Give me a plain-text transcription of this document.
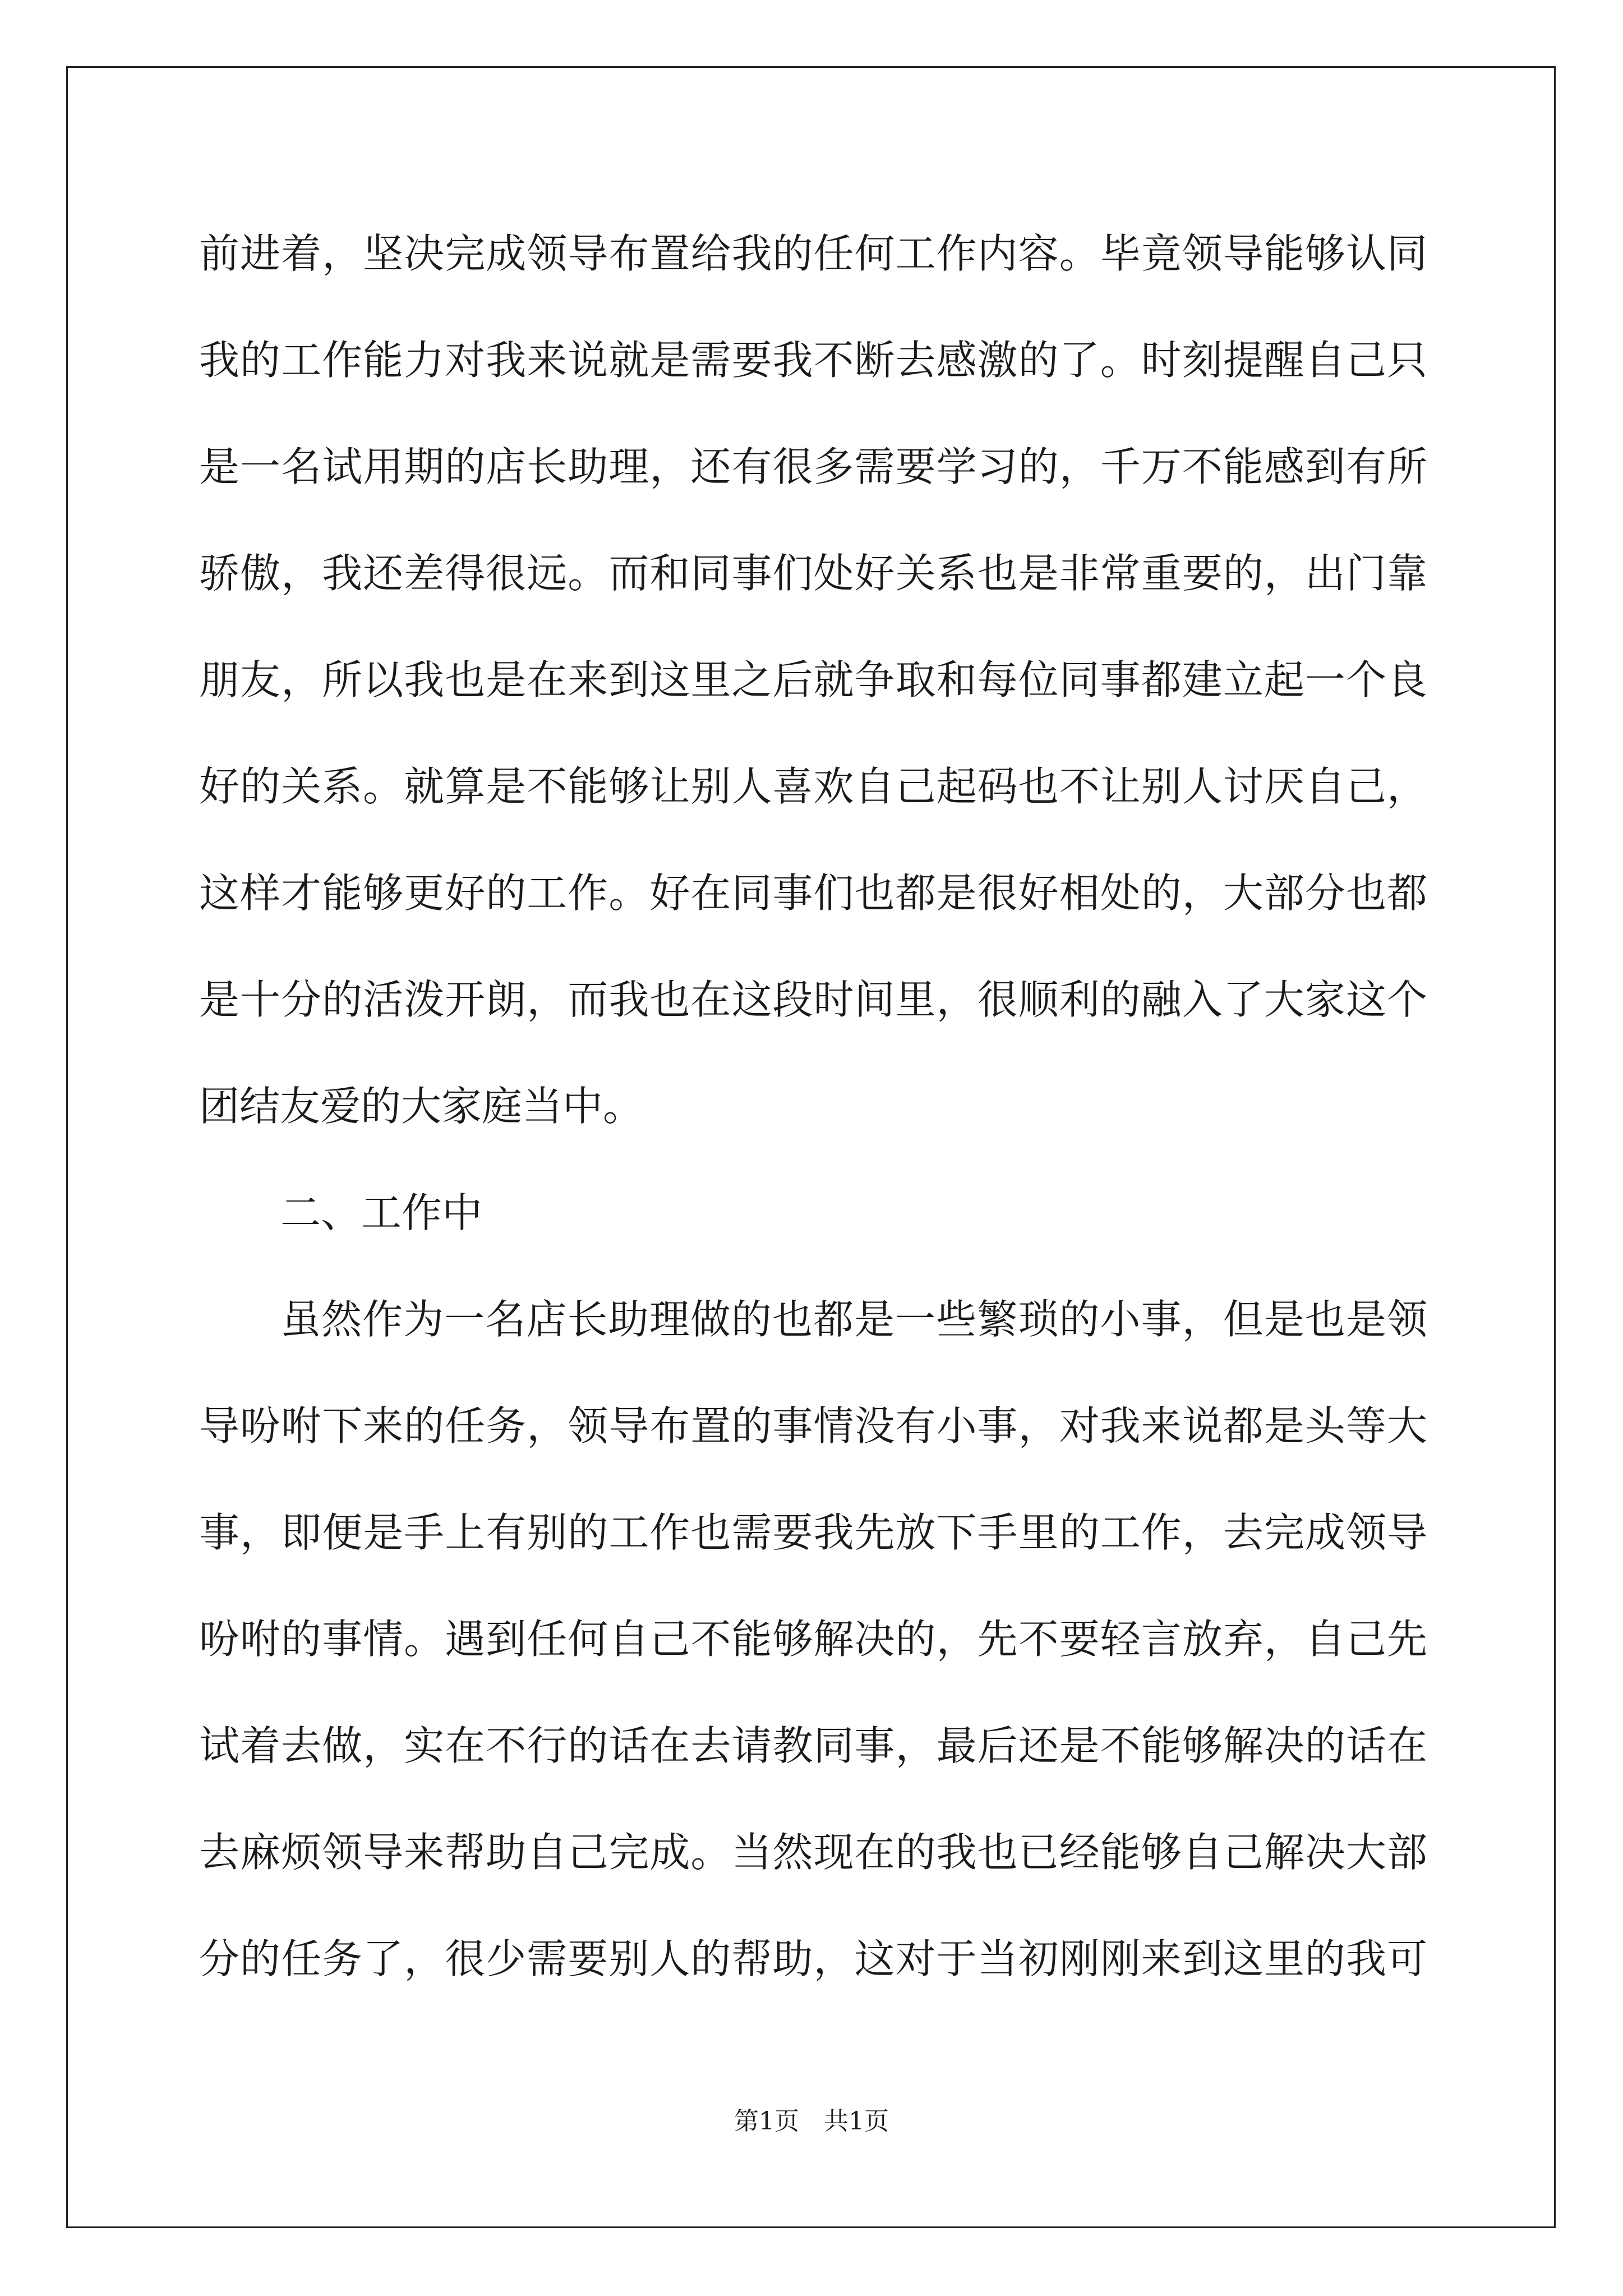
前进着，坚决完成领导布置给我的任何工作内容。毕竟领导能够认同
我的工作能力对我来说就是需要我不断去感激的了。时刻提醒自己只
是一名试用期的店长助理，还有很多需要学习的，千万不能感到有所
骄傲，我还差得很远。而和同事们处好关系也是非常重要的，出门靠
朋友，所以我也是在来到这里之后就争取和每位同事都建立起一个良
好的关系。就算是不能够让别人喜欢自己起码也不让别人讨厌自己，
这样才能够更好的工作。好在同事们也都是很好相处的，大部分也都
是十分的活泼开朗，而我也在这段时间里，很顺利的融入了大家这个
团结友爱的大家庭当中。
二、工作中
虽然作为一名店长助理做的也都是一些繁琐的小事，但是也是领
导吩咐下来的任务，领导布置的事情没有小事，对我来说都是头等大
事，即便是手上有别的工作也需要我先放下手里的工作，去完成领导
吩咐的事情。遇到任何自己不能够解决的，先不要轻言放弃，自己先
试着去做，实在不行的话在去请教同事，最后还是不能够解决的话在
去麻烦领导来帮助自己完成。当然现在的我也已经能够自己解决大部
分的任务了，很少需要别人的帮助，这对于当初刚刚来到这里的我可
第1页　共1页
